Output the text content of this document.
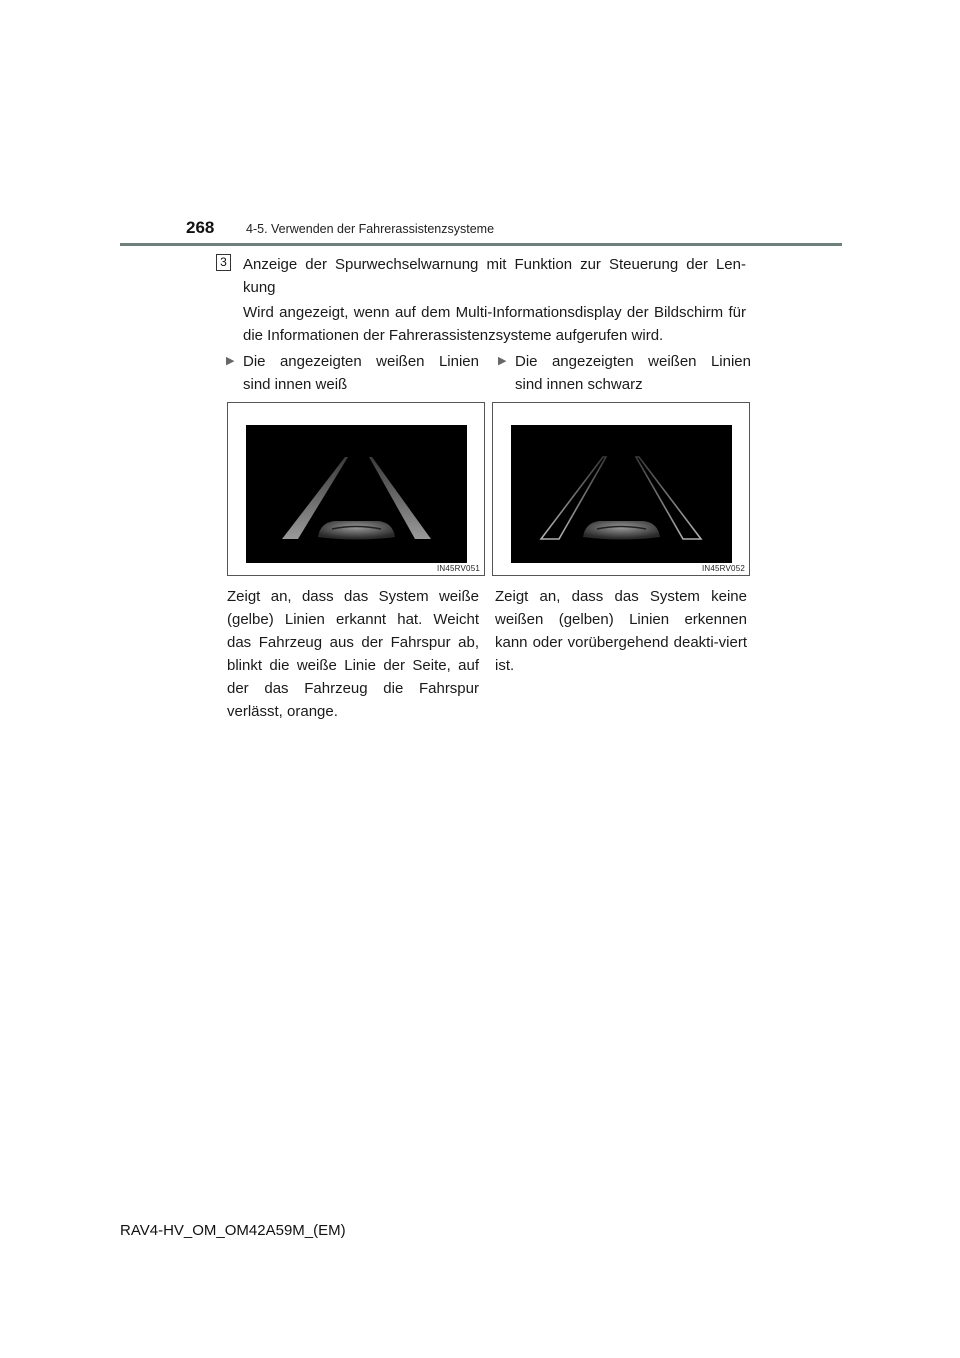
268	4-5. Verwenden der Fahrerassistenzsysteme
3 Anzeige der Spurwechselwarnung mit Funktion zur Steuerung der Len-kung
Wird angezeigt, wenn auf dem Multi-Informationsdisplay der Bildschirm für die Informationen der Fahrerassistenzsysteme aufgerufen wird.
▶ Die angezeigten weißen Linien sind innen weiß
▶ Die angezeigten weißen Linien sind innen schwarz
IN45RV051	IN45RV052
Zeigt an, dass das System weiße (gelbe) Linien erkannt hat. Weicht das Fahrzeug aus der Fahrspur ab, blinkt die weiße Linie der Seite, auf der das Fahrzeug die Fahrspur verlässt, orange.
Zeigt an, dass das System keine weißen (gelben) Linien erkennen kann oder vorübergehend deakti-viert ist.
RAV4-HV_OM_OM42A59M_(EM)
